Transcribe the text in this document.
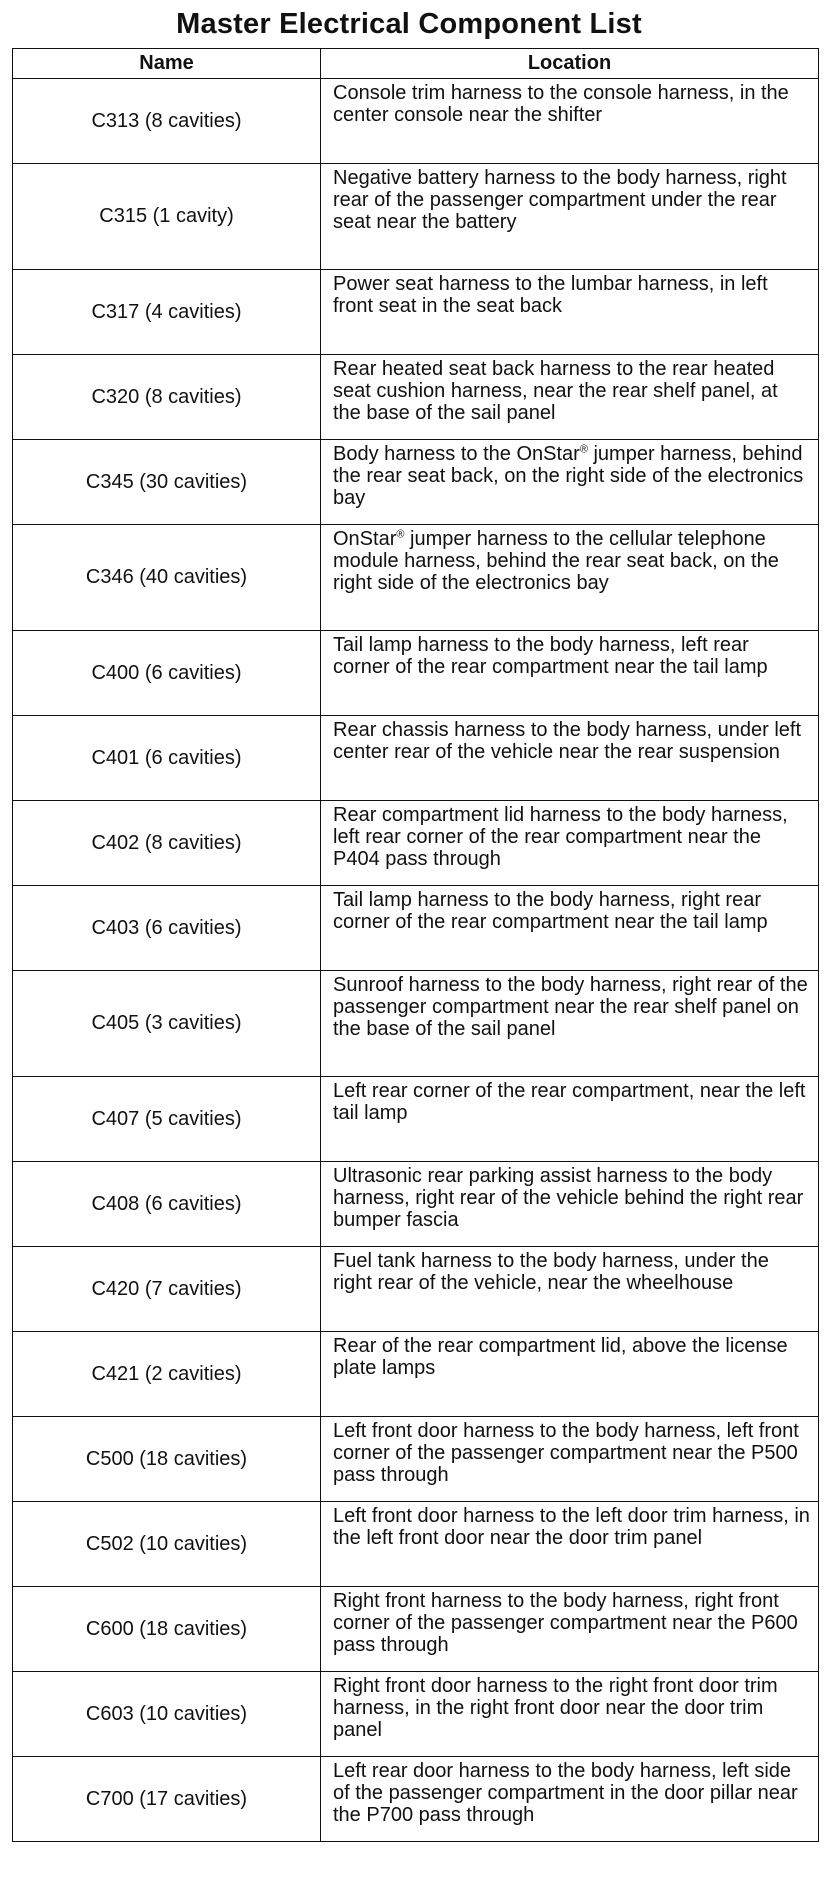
Master Electrical Component List
Name	Location
C313 (8 cavities)	Console trim harness to the console harness, in the center console near the shifter
C315 (1 cavity)	Negative battery harness to the body harness, right rear of the passenger compartment under the rear seat near the battery
C317 (4 cavities)	Power seat harness to the lumbar harness, in left front seat in the seat back
C320 (8 cavities)	Rear heated seat back harness to the rear heated seat cushion harness, near the rear shelf panel, at the base of the sail panel
C345 (30 cavities)	Body harness to the OnStar® jumper harness, behind the rear seat back, on the right side of the electronics bay
C346 (40 cavities)	OnStar® jumper harness to the cellular telephone module harness, behind the rear seat back, on the right side of the electronics bay
C400 (6 cavities)	Tail lamp harness to the body harness, left rear corner of the rear compartment near the tail lamp
C401 (6 cavities)	Rear chassis harness to the body harness, under left center rear of the vehicle near the rear suspension
C402 (8 cavities)	Rear compartment lid harness to the body harness, left rear corner of the rear compartment near the P404 pass through
C403 (6 cavities)	Tail lamp harness to the body harness, right rear corner of the rear compartment near the tail lamp
C405 (3 cavities)	Sunroof harness to the body harness, right rear of the passenger compartment near the rear shelf panel on the base of the sail panel
C407 (5 cavities)	Left rear corner of the rear compartment, near the left tail lamp
C408 (6 cavities)	Ultrasonic rear parking assist harness to the body harness, right rear of the vehicle behind the right rear bumper fascia
C420 (7 cavities)	Fuel tank harness to the body harness, under the right rear of the vehicle, near the wheelhouse
C421 (2 cavities)	Rear of the rear compartment lid, above the license plate lamps
C500 (18 cavities)	Left front door harness to the body harness, left front corner of the passenger compartment near the P500 pass through
C502 (10 cavities)	Left front door harness to the left door trim harness, in the left front door near the door trim panel
C600 (18 cavities)	Right front harness to the body harness, right front corner of the passenger compartment near the P600 pass through
C603 (10 cavities)	Right front door harness to the right front door trim harness, in the right front door near the door trim panel
C700 (17 cavities)	Left rear door harness to the body harness, left side of the passenger compartment in the door pillar near the P700 pass through
